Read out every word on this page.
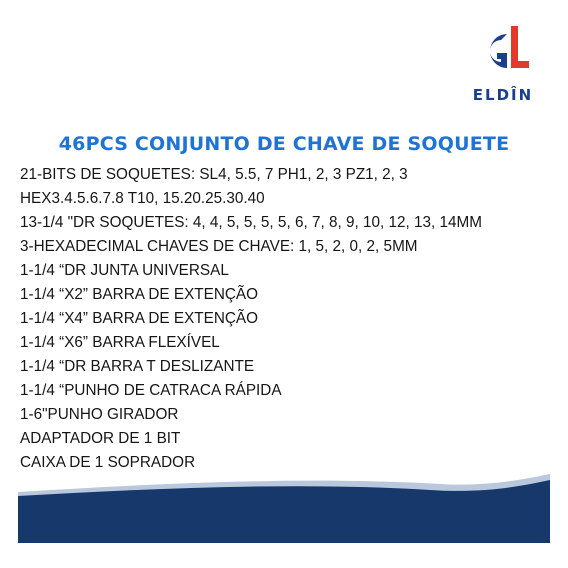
ELDÎN
46PCS CONJUNTO DE CHAVE DE SOQUETE
21-BITS DE SOQUETES: SL4, 5.5, 7 PH1, 2, 3 PZ1, 2, 3
HEX3.4.5.6.7.8 T10, 15.20.25.30.40
13-1/4 "DR SOQUETES: 4, 4, 5, 5, 5, 5, 6, 7, 8, 9, 10, 12, 13, 14MM
3-HEXADECIMAL CHAVES DE CHAVE: 1, 5, 2, 0, 2, 5MM
1-1/4 “DR JUNTA UNIVERSAL
1-1/4 “X2” BARRA DE EXTENÇÃO
1-1/4 “X4” BARRA DE EXTENÇÃO
1-1/4 “X6” BARRA FLEXÍVEL
1-1/4 “DR BARRA T DESLIZANTE
1-1/4 “PUNHO DE CATRACA RÁPIDA
1-6"PUNHO GIRADOR
ADAPTADOR DE 1 BIT
CAIXA DE 1 SOPRADOR
